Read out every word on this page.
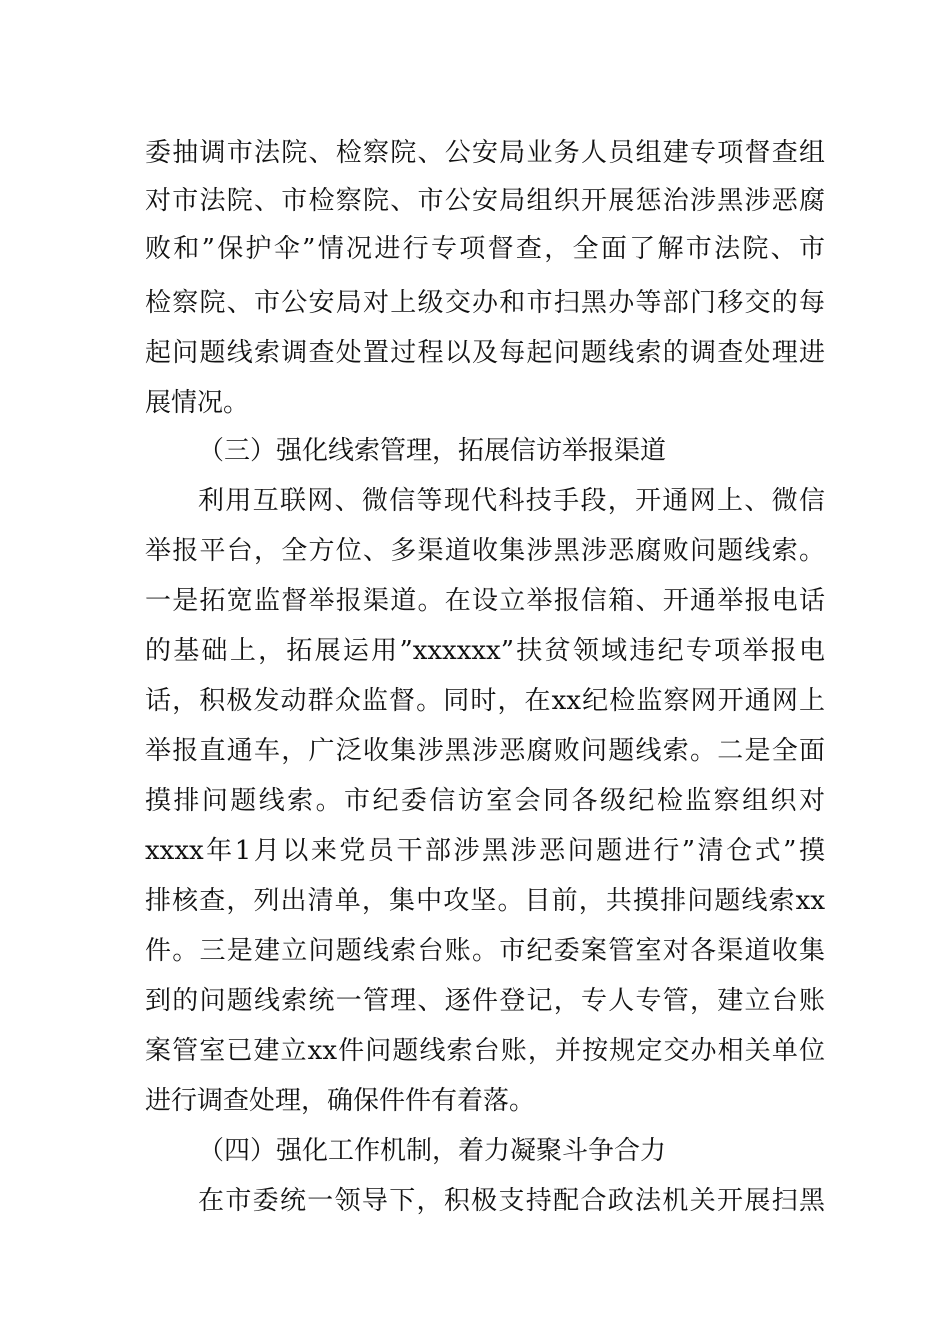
委抽调市法院、检察院、公安局业务人员组建专项督查组
对市法院、市检察院、市公安局组织开展惩治涉黑涉恶腐
败和”保护伞”情况进行专项督查，全面了解市法院、市
检察院、市公安局对上级交办和市扫黑办等部门移交的每
起问题线索调查处置过程以及每起问题线索的调查处理进
展情况。
（三）强化线索管理，拓展信访举报渠道
利用互联网、微信等现代科技手段，开通网上、微信
举报平台，全方位、多渠道收集涉黑涉恶腐败问题线索。
一是拓宽监督举报渠道。在设立举报信箱、开通举报电话
的基础上，拓展运用”xxxxxx”扶贫领域违纪专项举报电
话，积极发动群众监督。同时，在xx纪检监察网开通网上
举报直通车，广泛收集涉黑涉恶腐败问题线索。二是全面
摸排问题线索。市纪委信访室会同各级纪检监察组织对
xxxx年1月以来党员干部涉黑涉恶问题进行”清仓式”摸
排核查，列出清单，集中攻坚。目前，共摸排问题线索xx
件。三是建立问题线索台账。市纪委案管室对各渠道收集
到的问题线索统一管理、逐件登记，专人专管，建立台账
案管室已建立xx件问题线索台账，并按规定交办相关单位
进行调查处理，确保件件有着落。
（四）强化工作机制，着力凝聚斗争合力
在市委统一领导下，积极支持配合政法机关开展扫黑
